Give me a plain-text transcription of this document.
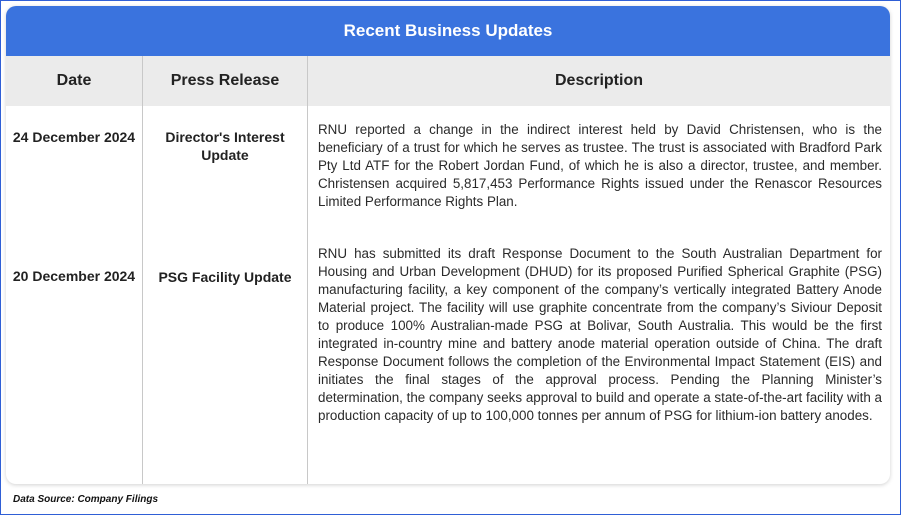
Recent Business Updates
Date	Press Release	Description
24 December 2024
20 December 2024
Director's Interest Update
PSG Facility Update
RNU reported a change in the indirect interest held by David Christensen, who is the beneficiary of a trust for which he serves as trustee. The trust is associated with Bradford Park Pty Ltd ATF for the Robert Jordan Fund, of which he is also a director, trustee, and member. Christensen acquired 5,817,453 Performance Rights issued under the Renascor Resources Limited Performance Rights Plan.
RNU has submitted its draft Response Document to the South Australian Department for Housing and Urban Development (DHUD) for its proposed Purified Spherical Graphite (PSG) manufacturing facility, a key component of the company’s vertically integrated Battery Anode Material project. The facility will use graphite concentrate from the company’s Siviour Deposit to produce 100% Australian-made PSG at Bolivar, South Australia. This would be the first integrated in-country mine and battery anode material operation outside of China. The draft Response Document follows the completion of the Environmental Impact Statement (EIS) and initiates the final stages of the approval process. Pending the Planning Minister’s determination, the company seeks approval to build and operate a state-of-the-art facility with a production capacity of up to 100,000 tonnes per annum of PSG for lithium-ion battery anodes.
Data Source: Company Filings
